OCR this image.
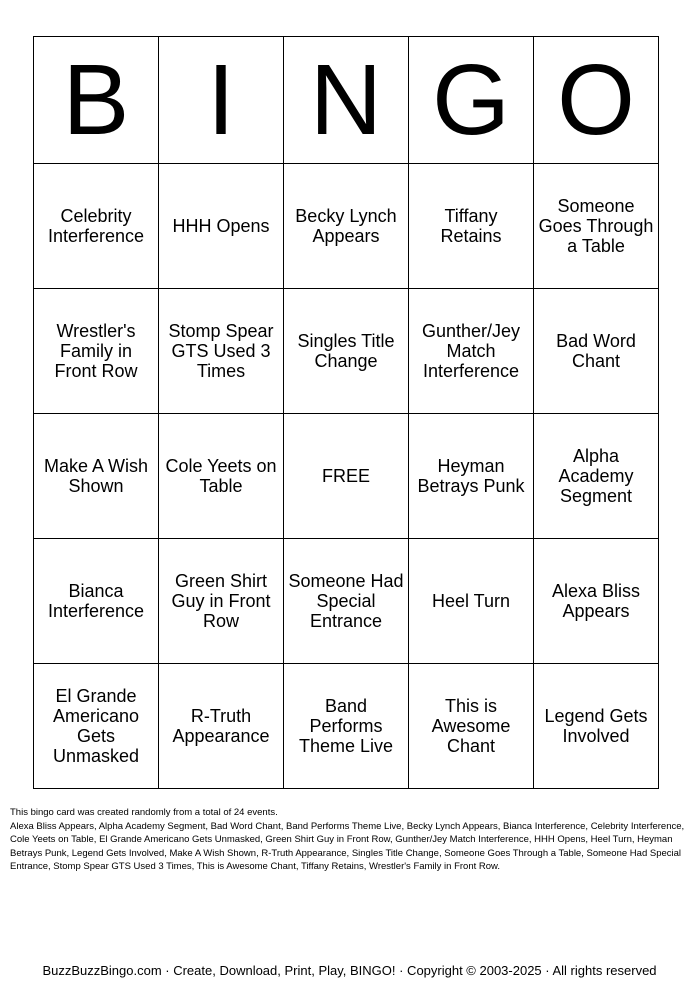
B	I	N	G	O
Celebrity Interference	HHH Opens	Becky Lynch Appears	Tiffany Retains	Someone Goes Through a Table
Wrestler's Family in Front Row	Stomp Spear GTS Used 3 Times	Singles Title Change	Gunther/Jey Match Interference	Bad Word Chant
Make A Wish Shown	Cole Yeets on Table	FREE	Heyman Betrays Punk	Alpha Academy Segment
Bianca Interference	Green Shirt Guy in Front Row	Someone Had Special Entrance	Heel Turn	Alexa Bliss Appears
El Grande Americano Gets Unmasked	R-Truth Appearance	Band Performs Theme Live	This is Awesome Chant	Legend Gets Involved
This bingo card was created randomly from a total of 24 events.
Alexa Bliss Appears, Alpha Academy Segment, Bad Word Chant, Band Performs Theme Live, Becky Lynch Appears, Bianca Interference, Celebrity Interference, Cole Yeets on Table, El Grande Americano Gets Unmasked, Green Shirt Guy in Front Row, Gunther/Jey Match Interference, HHH Opens, Heel Turn, Heyman Betrays Punk, Legend Gets Involved, Make A Wish Shown, R-Truth Appearance, Singles Title Change, Someone Goes Through a Table, Someone Had Special Entrance, Stomp Spear GTS Used 3 Times, This is Awesome Chant, Tiffany Retains, Wrestler's Family in Front Row.
BuzzBuzzBingo.com · Create, Download, Print, Play, BINGO! · Copyright © 2003-2025 · All rights reserved
